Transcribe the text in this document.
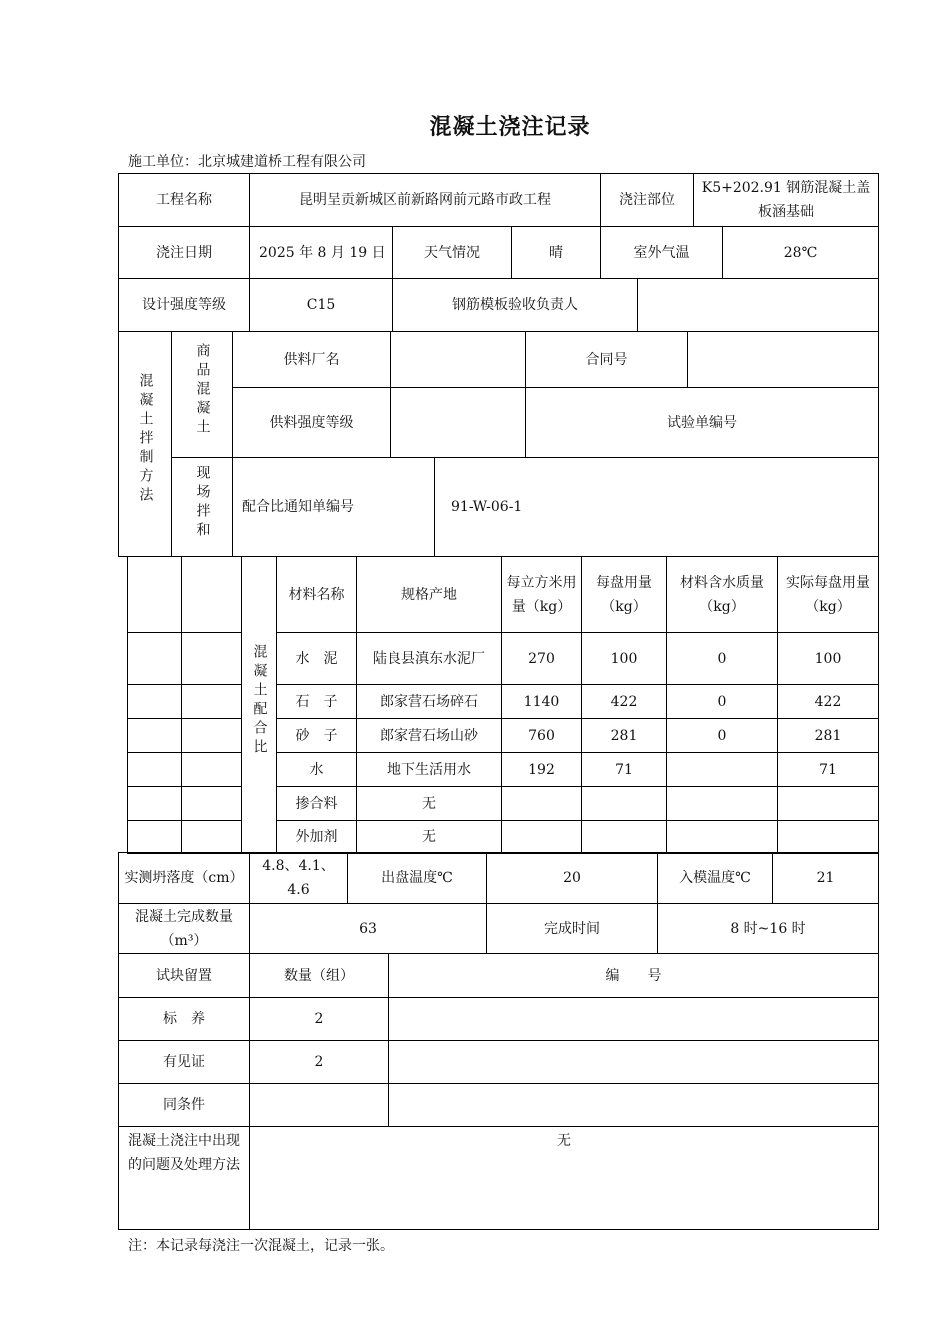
混凝土浇注记录
施工单位：北京城建道桥工程有限公司
工程名称	昆明呈贡新城区前新路网前元路市政工程			浇注部位		K5+202.91 钢筋混凝土盖板涵基础	
浇注日期	2025 年 8 月 19 日	天气情况	晴	室外气温			28℃
设计强度等级	C15	钢筋模板验收负责人					
混凝土拌制方法	商品混凝土	供料厂名			合同号		
		供料强度等级			试验单编号		
	现场拌和	配合比通知单编号		91-W-06-1			
		混凝土配合比	材料名称	规格产地	每立方米用量（kg）	每盘用量（kg）	材料含水质量（kg）	实际每盘用量（kg）
			水　泥	陆良县滇东水泥厂	270	100	0	100
			石　子	郎家营石场碎石	1140	422	0	422
			砂　子	郎家营石场山砂	760	281	0	281
			水	地下生活用水	192	71		71
			掺合料	无				
			外加剂	无				
实测坍落度（cm）	4.8、4.1、4.6	出盘温度℃		20	入模温度℃	21
混凝土完成数量（m³）	63			完成时间	8 时~16 时	
试块留置	数量（组）		编　　号			
标　养	2					
有见证	2					
同条件						
混凝土浇注中出现的问题及处理方法	无					
注：本记录每浇注一次混凝土，记录一张。
